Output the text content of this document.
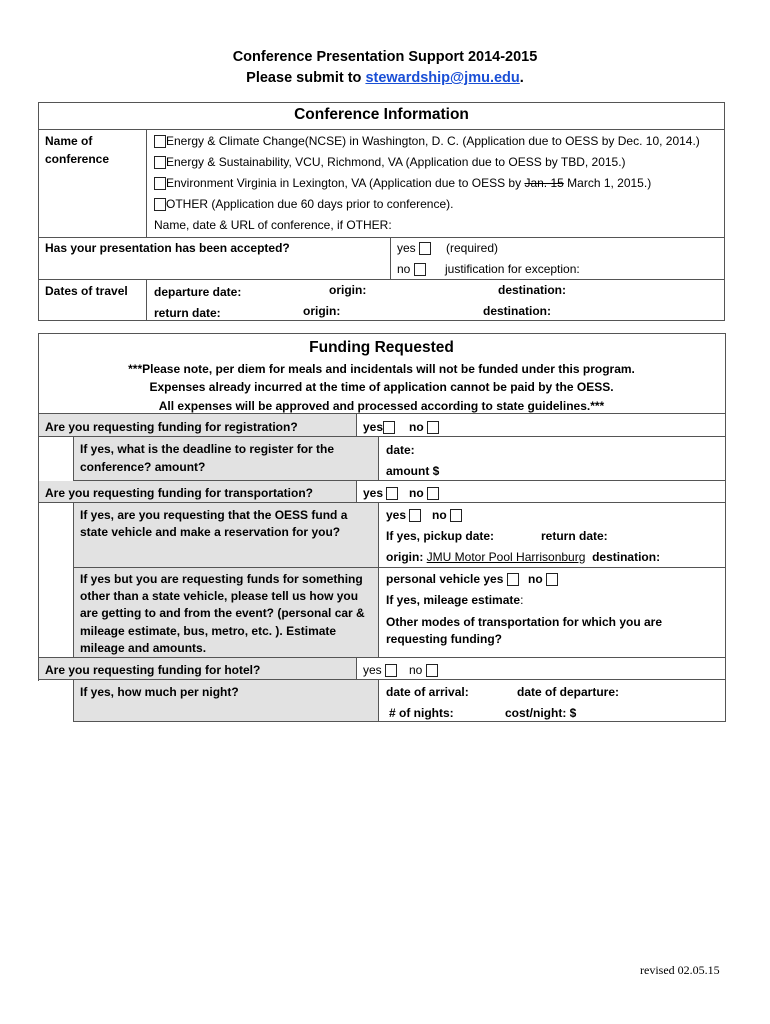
Conference Presentation Support 2014-2015
Please submit to stewardship@jmu.edu.
Conference Information
Name of
conference
Energy & Climate Change(NCSE) in Washington, D. C. (Application due to OESS by Dec. 10, 2014.)
Energy & Sustainability, VCU, Richmond, VA (Application due to OESS by TBD, 2015.)
Environment Virginia in Lexington, VA (Application due to OESS by Jan. 15 March 1, 2015.)
OTHER (Application due 60 days prior to conference).
Name, date & URL of conference, if OTHER:
Has your presentation has been accepted?	yes	(required)
no	justification for exception:
Dates of travel departure date:	origin:	destination:
return date:	origin:	destination:
Funding Requested
***Please note, per diem for meals and incidentals will not be funded under this program.
Expenses already incurred at the time of application cannot be paid by the OESS.
All expenses will be approved and processed according to state guidelines.***
Are you requesting funding for registration?	yes	no
If yes, what is the deadline to register for the
conference? amount?
date:
amount $
Are you requesting funding for transportation?	yes	no
If yes, are you requesting that the OESS fund a
state vehicle and make a reservation for you?
yes	no
If yes, pickup date:	return date:
origin: JMU Motor Pool Harrisonburg destination:
If yes but you are requesting funds for something
other than a state vehicle, please tell us how you
are getting to and from the event? (personal car &
mileage estimate, bus, metro, etc. ). Estimate
mileage and amounts.
personal vehicle yes	no
If yes, mileage estimate:
Other modes of transportation for which you are
requesting funding?
Are you requesting funding for hotel?	yes	no
If yes, how much per night?	date of arrival:	date of departure:
# of nights:	cost/night: $
revised 02.05.15
